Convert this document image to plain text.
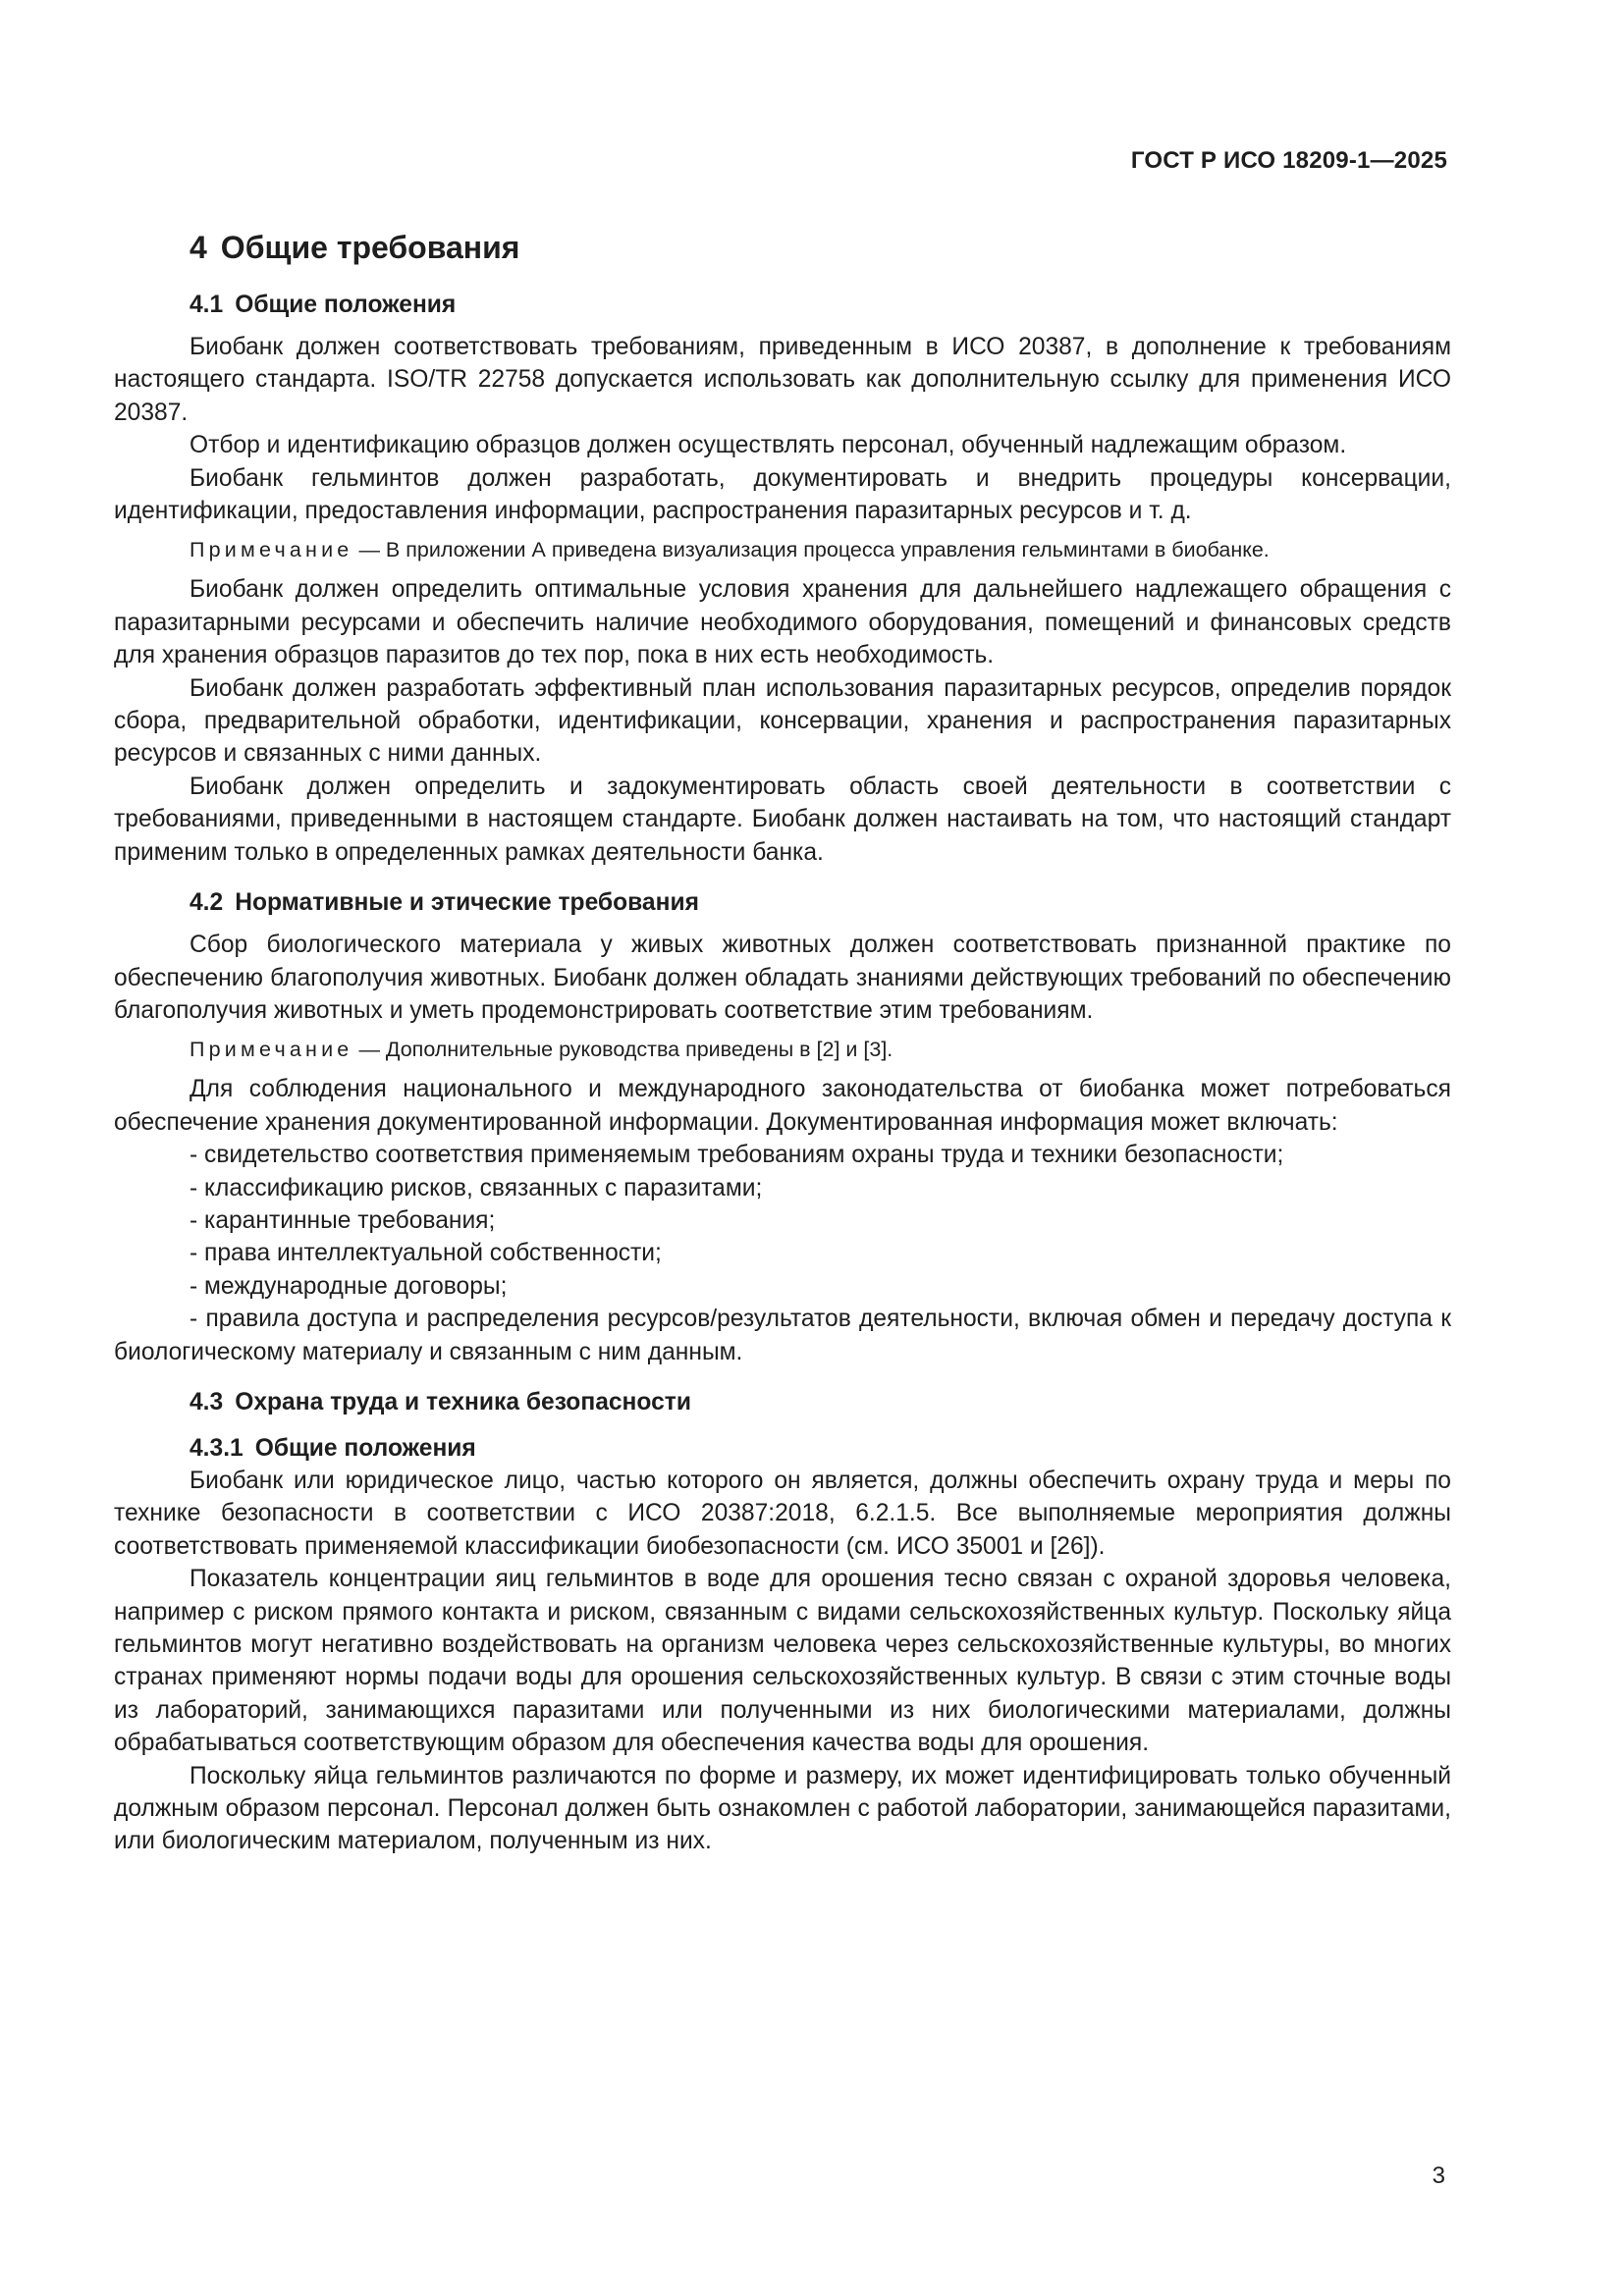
ГОСТ Р ИСО 18209-1—2025
4 Общие требования
4.1 Общие положения

Биобанк должен соответствовать требованиям, приведенным в ИСО 20387, в дополнение к требованиям настоящего стандарта. ISO/TR 22758 допускается использовать как дополнительную ссылку для применения ИСО 20387.

Отбор и идентификацию образцов должен осуществлять персонал, обученный надлежащим образом.

Биобанк гельминтов должен разработать, документировать и внедрить процедуры консервации, идентификации, предоставления информации, распространения паразитарных ресурсов и т. д.

Примечание — В приложении А приведена визуализация процесса управления гельминтами в биобанке.

Биобанк должен определить оптимальные условия хранения для дальнейшего надлежащего обращения с паразитарными ресурсами и обеспечить наличие необходимого оборудования, помещений и финансовых средств для хранения образцов паразитов до тех пор, пока в них есть необходимость.

Биобанк должен разработать эффективный план использования паразитарных ресурсов, определив порядок сбора, предварительной обработки, идентификации, консервации, хранения и распространения паразитарных ресурсов и связанных с ними данных.

Биобанк должен определить и задокументировать область своей деятельности в соответствии с требованиями, приведенными в настоящем стандарте. Биобанк должен настаивать на том, что настоящий стандарт применим только в определенных рамках деятельности банка.

4.2 Нормативные и этические требования

Сбор биологического материала у живых животных должен соответствовать признанной практике по обеспечению благополучия животных. Биобанк должен обладать знаниями действующих требований по обеспечению благополучия животных и уметь продемонстрировать соответствие этим требованиям.

Примечание — Дополнительные руководства приведены в [2] и [3].

Для соблюдения национального и международного законодательства от биобанка может потребоваться обеспечение хранения документированной информации. Документированная информация может включать:

- свидетельство соответствия применяемым требованиям охраны труда и техники безопасности;

- классификацию рисков, связанных с паразитами;

- карантинные требования;

- права интеллектуальной собственности;

- международные договоры;

- правила доступа и распределения ресурсов/результатов деятельности, включая обмен и передачу доступа к биологическому материалу и связанным с ним данным.

4.3 Охрана труда и техника безопасности
4.3.1 Общие положения

Биобанк или юридическое лицо, частью которого он является, должны обеспечить охрану труда и меры по технике безопасности в соответствии с ИСО 20387:2018, 6.2.1.5. Все выполняемые мероприятия должны соответствовать применяемой классификации биобезопасности (см. ИСО 35001 и [26]).

Показатель концентрации яиц гельминтов в воде для орошения тесно связан с охраной здоровья человека, например с риском прямого контакта и риском, связанным с видами сельскохозяйственных культур. Поскольку яйца гельминтов могут негативно воздействовать на организм человека через сельскохозяйственные культуры, во многих странах применяют нормы подачи воды для орошения сельскохозяйственных культур. В связи с этим сточные воды из лабораторий, занимающихся паразитами или полученными из них биологическими материалами, должны обрабатываться соответствующим образом для обеспечения качества воды для орошения.

Поскольку яйца гельминтов различаются по форме и размеру, их может идентифицировать только обученный должным образом персонал. Персонал должен быть ознакомлен с работой лаборатории, занимающейся паразитами, или биологическим материалом, полученным из них.

3
